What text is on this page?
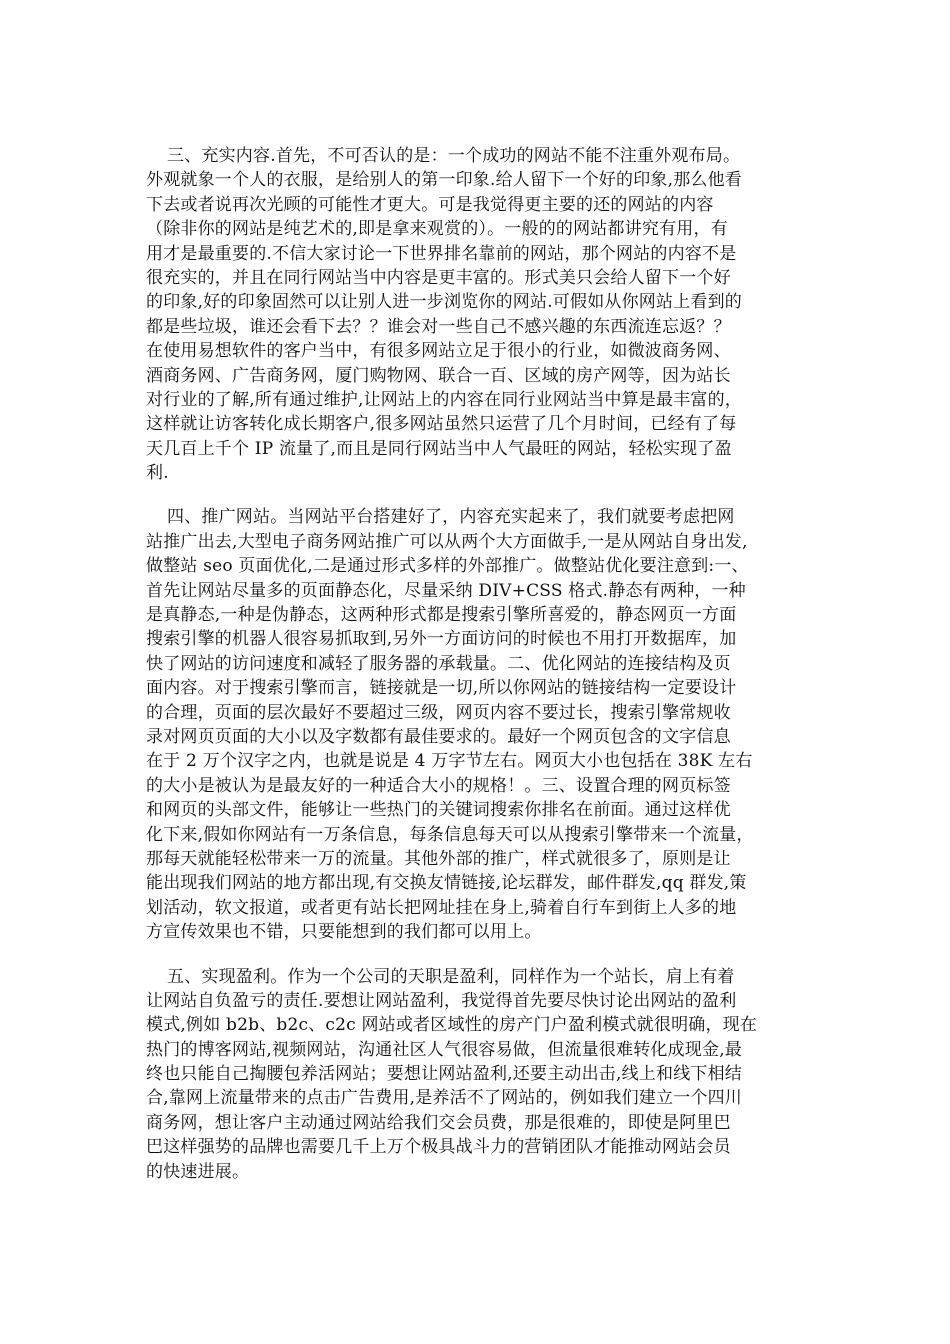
三、充实内容.首先，不可否认的是：一个成功的网站不能不注重外观布局。
外观就象一个人的衣服，是给别人的第一印象.给人留下一个好的印象,那么他看
下去或者说再次光顾的可能性才更大。可是我觉得更主要的还的网站的内容
（除非你的网站是纯艺术的,即是拿来观赏的）。一般的的网站都讲究有用，有
用才是最重要的.不信大家讨论一下世界排名靠前的网站，那个网站的内容不是
很充实的，并且在同行网站当中内容是更丰富的。形式美只会给人留下一个好
的印象,好的印象固然可以让别人进一步浏览你的网站.可假如从你网站上看到的
都是些垃圾，谁还会看下去？？谁会对一些自己不感兴趣的东西流连忘返？？
在使用易想软件的客户当中，有很多网站立足于很小的行业，如微波商务网、
酒商务网、广告商务网，厦门购物网、联合一百、区域的房产网等，因为站长
对行业的了解,所有通过维护,让网站上的内容在同行业网站当中算是最丰富的，
这样就让访客转化成长期客户,很多网站虽然只运营了几个月时间，已经有了每
天几百上千个 IP 流量了,而且是同行网站当中人气最旺的网站，轻松实现了盈
利.
四、推广网站。当网站平台搭建好了，内容充实起来了，我们就要考虑把网
站推广出去,大型电子商务网站推广可以从两个大方面做手,一是从网站自身出发,
做整站 seo 页面优化,二是通过形式多样的外部推广。做整站优化要注意到:一、
首先让网站尽量多的页面静态化，尽量采纳 DIV+CSS 格式.静态有两种，一种
是真静态,一种是伪静态，这两种形式都是搜索引擎所喜爱的，静态网页一方面
搜索引擎的机器人很容易抓取到,另外一方面访问的时候也不用打开数据库，加
快了网站的访问速度和减轻了服务器的承载量。二、优化网站的连接结构及页
面内容。对于搜索引擎而言，链接就是一切,所以你网站的链接结构一定要设计
的合理，页面的层次最好不要超过三级，网页内容不要过长，搜索引擎常规收
录对网页页面的大小以及字数都有最佳要求的。最好一个网页包含的文字信息
在于 2 万个汉字之内，也就是说是 4 万字节左右。网页大小也包括在 38K 左右
的大小是被认为是最友好的一种适合大小的规格！。三、设置合理的网页标签
和网页的头部文件，能够让一些热门的关键词搜索你排名在前面。通过这样优
化下来,假如你网站有一万条信息，每条信息每天可以从搜索引擎带来一个流量，
那每天就能轻松带来一万的流量。其他外部的推广，样式就很多了，原则是让
能出现我们网站的地方都出现,有交换友情链接,论坛群发，邮件群发,qq 群发,策
划活动，软文报道，或者更有站长把网址挂在身上,骑着自行车到街上人多的地
方宣传效果也不错，只要能想到的我们都可以用上。
五、实现盈利。作为一个公司的天职是盈利，同样作为一个站长，肩上有着
让网站自负盈亏的责任.要想让网站盈利，我觉得首先要尽快讨论出网站的盈利
模式,例如 b2b、b2c、c2c 网站或者区域性的房产门户盈利模式就很明确，现在
热门的博客网站,视频网站，沟通社区人气很容易做，但流量很难转化成现金,最
终也只能自己掏腰包养活网站；要想让网站盈利,还要主动出击,线上和线下相结
合,靠网上流量带来的点击广告费用,是养活不了网站的，例如我们建立一个四川
商务网，想让客户主动通过网站给我们交会员费，那是很难的，即使是阿里巴
巴这样强势的品牌也需要几千上万个极具战斗力的营销团队才能推动网站会员
的快速进展。
